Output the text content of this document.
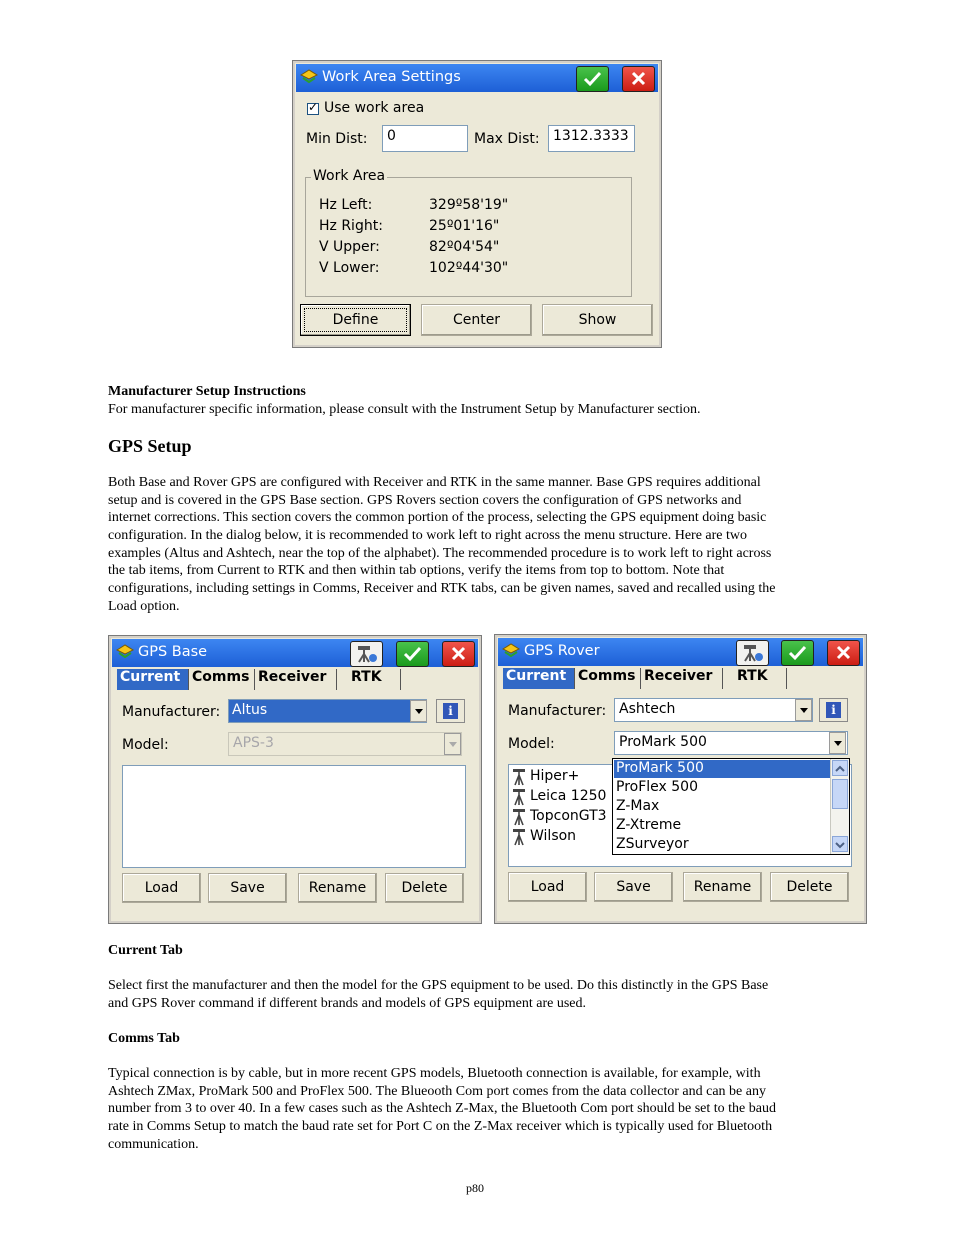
Work Area Settings
✓
Use work area
Min Dist:	0	Max Dist: 1312.3333
Work Area
Hz Left:	329º58'19"
Hz Right:	25º01'16"
V Upper:	82º04'54"
V Lower:	102º44'30"
Define	Center	Show
Manufacturer Setup Instructions
For manufacturer specific information, please consult with the Instrument Setup by Manufacturer section.
GPS Setup
Both Base and Rover GPS are configured with Receiver and RTK in the same manner. Base GPS requires additional
setup and is covered in the GPS Base section. GPS Rovers section covers the configuration of GPS networks and
internet corrections. This section covers the common portion of the process, selecting the GPS equipment doing basic
configuration. In the dialog below, it is recommended to work left to right across the menu structure. Here are two
examples (Altus and Ashtech, near the top of the alphabet). The recommended procedure is to work left to right across
the tab items, from Current to RTK and then within tab options, verify the items from top to bottom. Note that
configurations, including settings in Comms, Receiver and RTK tabs, can be given names, saved and recalled using the
Load option.
GPS Base
Current Comms Receiver	RTK
Manufacturer: Altus	i
Model:	APS-3
Load	Save	Rename	Delete
GPS Rover
Current Comms Receiver	RTK
Manufacturer: Ashtech	i
Model:	ProMark 500
Hiper+
Leica 1250
TopconGT3
Wilson
ProMark 500
ProFlex 500
Z-Max
Z-Xtreme
ZSurveyor
Load	Save	Rename	Delete
Current Tab
Select first the manufacturer and then the model for the GPS equipment to be used. Do this distinctly in the GPS Base
and GPS Rover command if different brands and models of GPS equipment are used.
Comms Tab
Typical connection is by cable, but in more recent GPS models, Bluetooth connection is available, for example, with
Ashtech ZMax, ProMark 500 and ProFlex 500. The Blueooth Com port comes from the data collector and can be any
number from 3 to over 40. In a few cases such as the Ashtech Z-Max, the Bluetooth Com port should be set to the baud
rate in Comms Setup to match the baud rate set for Port C on the Z-Max receiver which is typically used for Bluetooth
communication.
p80
